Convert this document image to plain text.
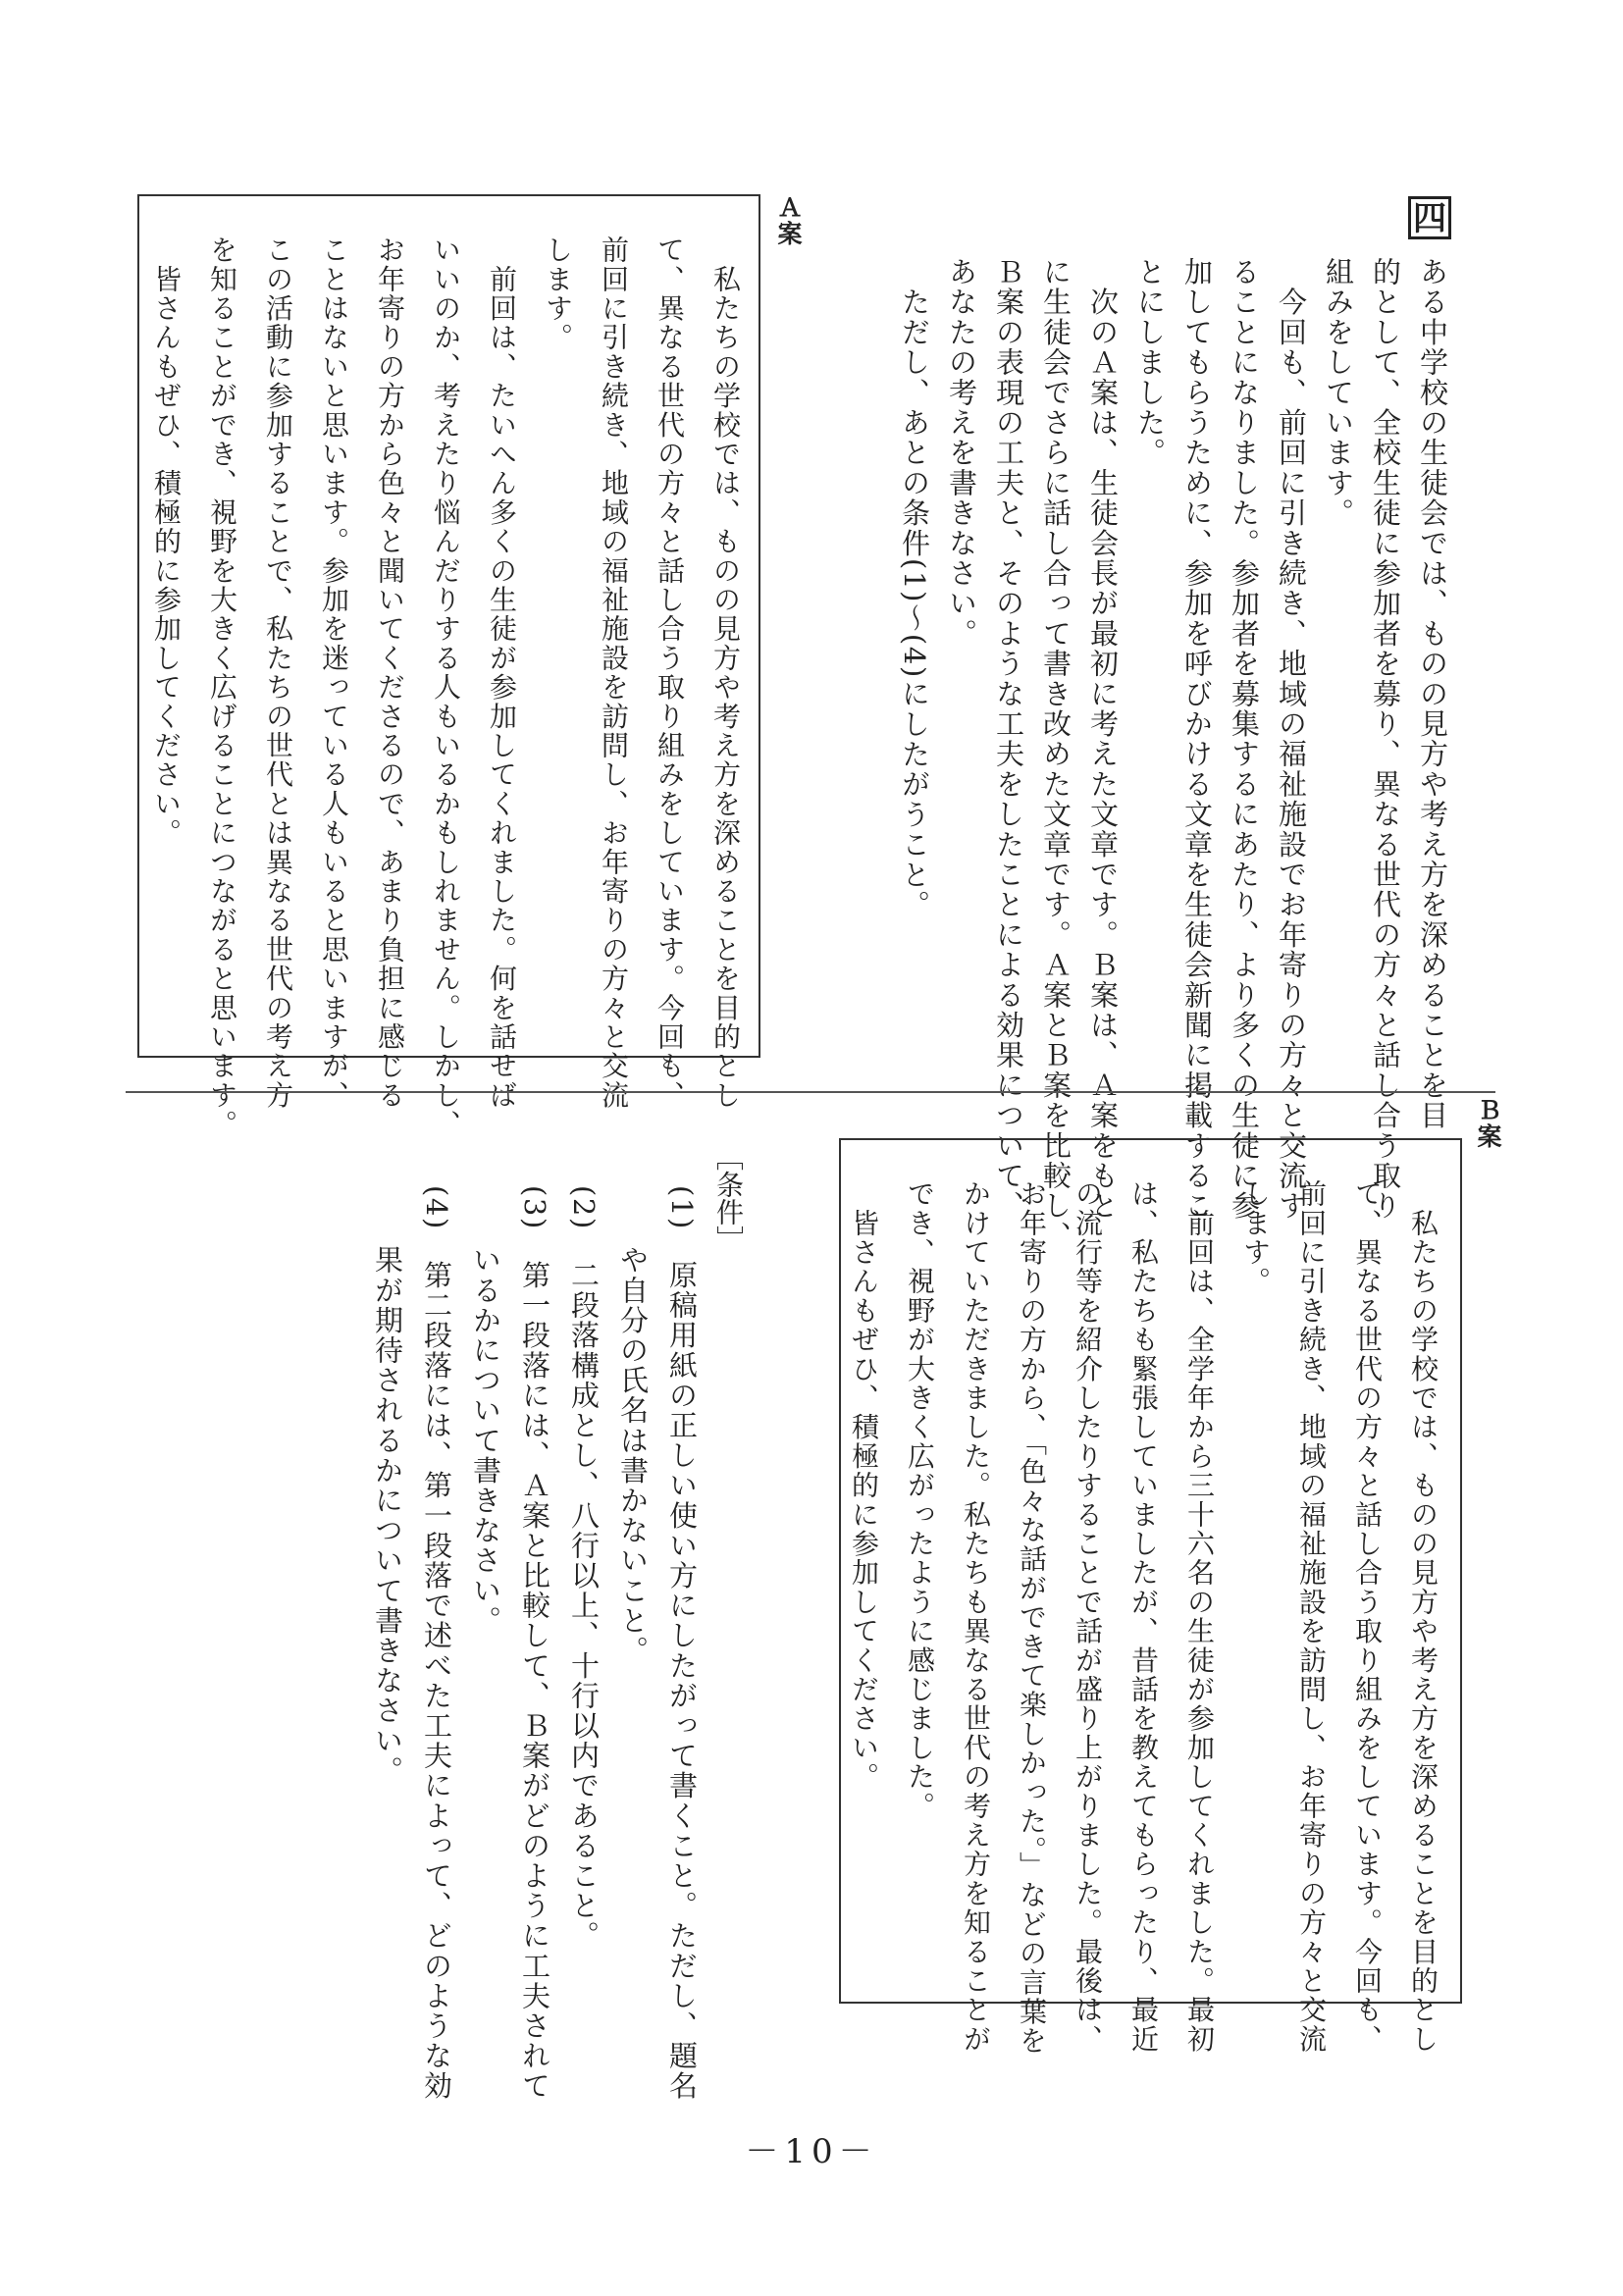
四
ある中学校の生徒会では、ものの見方や考え方を深めることを目
的として、全校生徒に参加者を募り、異なる世代の方々と話し合う取り
組みをしています。
　今回も、前回に引き続き、地域の福祉施設でお年寄りの方々と交流す
ることになりました。参加者を募集するにあたり、より多くの生徒に参
加してもらうために、参加を呼びかける文章を生徒会新聞に掲載するこ
とにしました。
　次のＡ案は、生徒会長が最初に考えた文章です。Ｂ案は、Ａ案をもと
に生徒会でさらに話し合って書き改めた文章です。Ａ案とＢ案を比較し、
Ｂ案の表現の工夫と、そのような工夫をしたことによる効果について、
あなたの考えを書きなさい。
　ただし、あとの条件(1)～(4)にしたがうこと。
Ａ案
　私たちの学校では、ものの見方や考え方を深めることを目的とし
て、異なる世代の方々と話し合う取り組みをしています。今回も、
前回に引き続き、地域の福祉施設を訪問し、お年寄りの方々と交流
します。
　前回は、たいへん多くの生徒が参加してくれました。何を話せば
いいのか、考えたり悩んだりする人もいるかもしれません。しかし、
お年寄りの方から色々と聞いてくださるので、あまり負担に感じる
ことはないと思います。参加を迷っている人もいると思いますが、
この活動に参加することで、私たちの世代とは異なる世代の考え方
を知ることができ、視野を大きく広げることにつながると思います。
　皆さんもぜひ、積極的に参加してください。
Ｂ案
　私たちの学校では、ものの見方や考え方を深めることを目的とし
て、異なる世代の方々と話し合う取り組みをしています。今回も、
前回に引き続き、地域の福祉施設を訪問し、お年寄りの方々と交流
します。
　前回は、全学年から三十六名の生徒が参加してくれました。最初
は、私たちも緊張していましたが、昔話を教えてもらったり、最近
の流行等を紹介したりすることで話が盛り上がりました。最後は、
お年寄りの方から、「色々な話ができて楽しかった。」などの言葉を
かけていただきました。私たちも異なる世代の考え方を知ることが
でき、視野が大きく広がったように感じました。
　皆さんもぜひ、積極的に参加してください。
［条件］
(1)　原稿用紙の正しい使い方にしたがって書くこと。ただし、題名
　　や自分の氏名は書かないこと。
(2)　二段落構成とし、八行以上、十行以内であること。
(3)　第一段落には、Ａ案と比較して、Ｂ案がどのように工夫されて
　　いるかについて書きなさい。
(4)　第二段落には、第一段落で述べた工夫によって、どのような効
　　果が期待されるかについて書きなさい。
－10－
